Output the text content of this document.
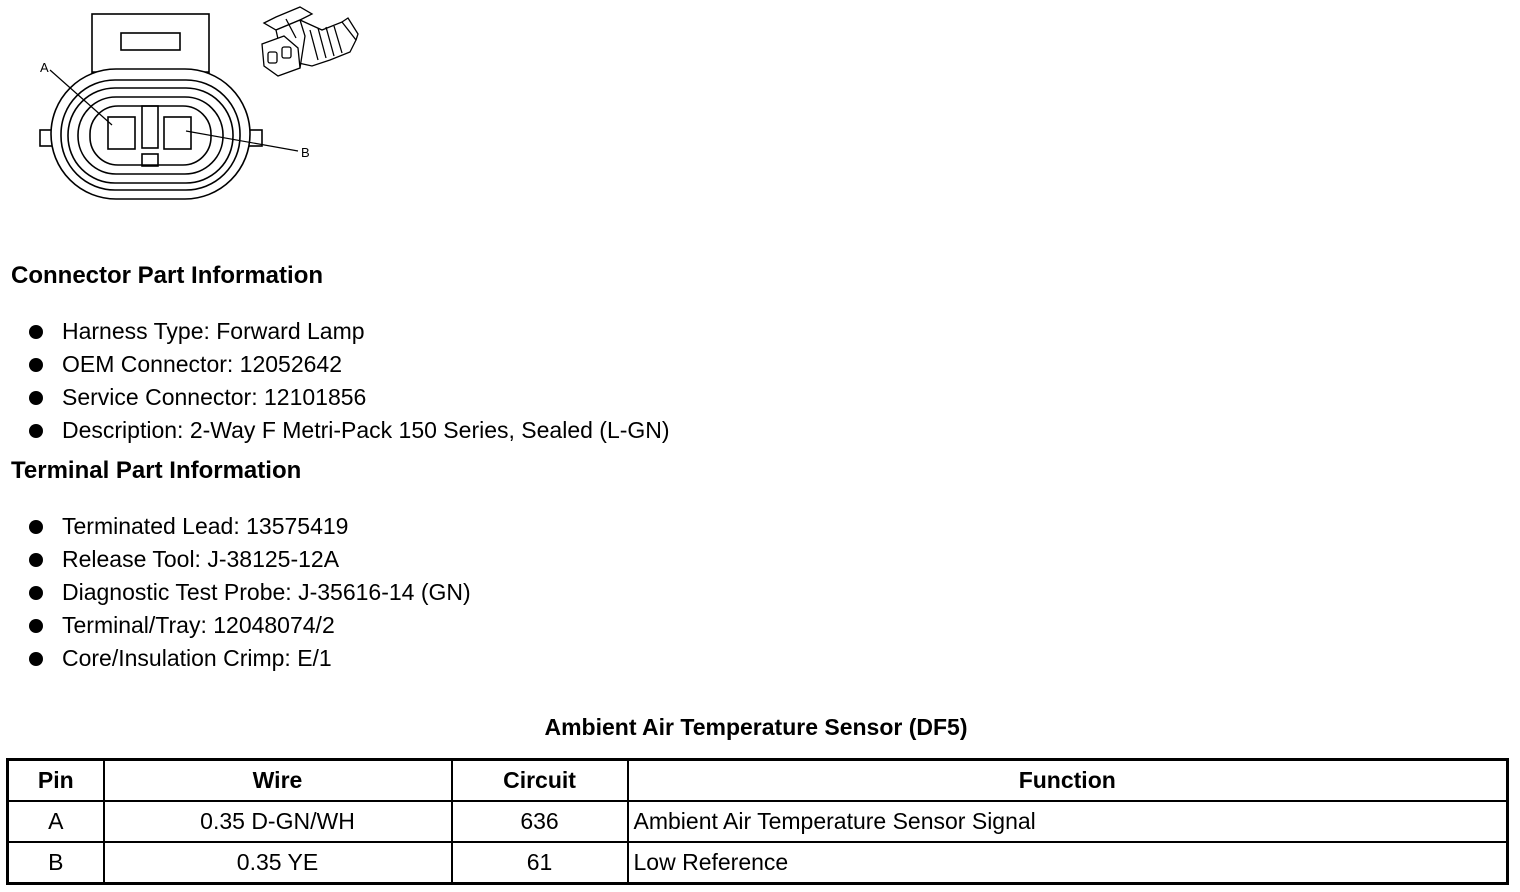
A
B
Connector Part Information
Harness Type: Forward Lamp
OEM Connector: 12052642
Service Connector: 12101856
Description: 2-Way F Metri-Pack 150 Series, Sealed (L-GN)
Terminal Part Information
Terminated Lead: 13575419
Release Tool: J-38125-12A
Diagnostic Test Probe: J-35616-14 (GN)
Terminal/Tray: 12048074/2
Core/Insulation Crimp: E/1
Ambient Air Temperature Sensor (DF5)
Pin	Wire	Circuit	Function
A	0.35 D-GN/WH	636	Ambient Air Temperature Sensor Signal
B	0.35 YE	61	Low Reference
